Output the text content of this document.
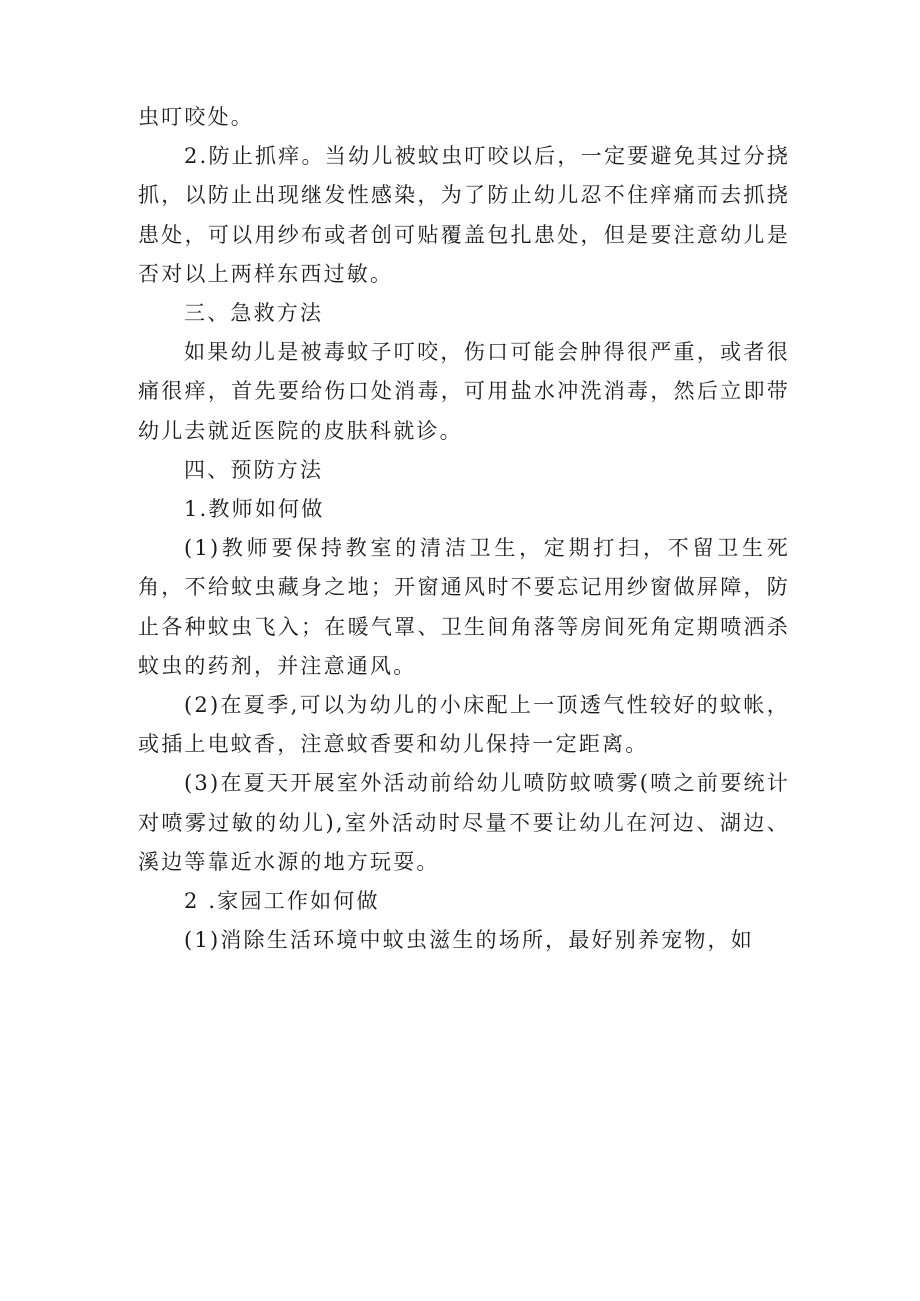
虫叮咬处。

2.防止抓痒。当幼儿被蚊虫叮咬以后，一定要避免其过分挠抓，以防止出现继发性感染，为了防止幼儿忍不住痒痛而去抓挠患处，可以用纱布或者创可贴覆盖包扎患处，但是要注意幼儿是否对以上两样东西过敏。

三、急救方法

如果幼儿是被毒蚊子叮咬，伤口可能会肿得很严重，或者很痛很痒，首先要给伤口处消毒，可用盐水冲洗消毒，然后立即带幼儿去就近医院的皮肤科就诊。

四、预防方法

1.教师如何做

(1)教师要保持教室的清洁卫生，定期打扫，不留卫生死角，不给蚊虫藏身之地；开窗通风时不要忘记用纱窗做屏障，防止各种蚊虫飞入；在暖气罩、卫生间角落等房间死角定期喷洒杀蚊虫的药剂，并注意通风。

(2)在夏季,可以为幼儿的小床配上一顶透气性较好的蚊帐，或插上电蚊香，注意蚊香要和幼儿保持一定距离。

(3)在夏天开展室外活动前给幼儿喷防蚊喷雾(喷之前要统计对喷雾过敏的幼儿),室外活动时尽量不要让幼儿在河边、湖边、溪边等靠近水源的地方玩耍。

2 .家园工作如何做

(1)消除生活环境中蚊虫滋生的场所，最好别养宠物，如
